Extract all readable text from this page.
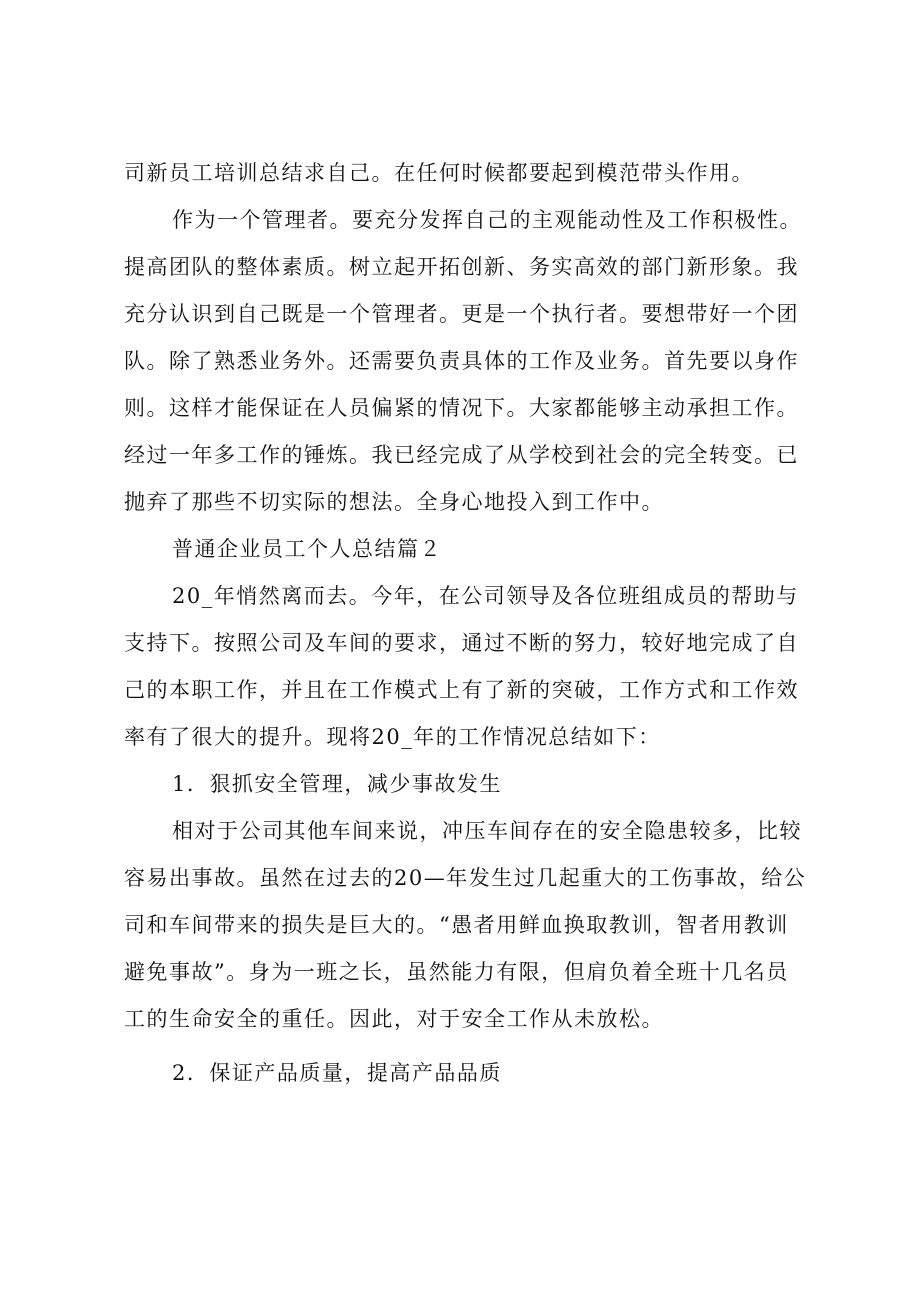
司新员工培训总结求自己。在任何时候都要起到模范带头作用。
作为一个管理者。要充分发挥自己的主观能动性及工作积极性。
提高团队的整体素质。树立起开拓创新、务实高效的部门新形象。我
充分认识到自己既是一个管理者。更是一个执行者。要想带好一个团
队。除了熟悉业务外。还需要负责具体的工作及业务。首先要以身作
则。这样才能保证在人员偏紧的情况下。大家都能够主动承担工作。
经过一年多工作的锤炼。我已经完成了从学校到社会的完全转变。已
抛弃了那些不切实际的想法。全身心地投入到工作中。
普通企业员工个人总结篇２
20_年悄然离而去。今年，在公司领导及各位班组成员的帮助与
支持下。按照公司及车间的要求，通过不断的努力，较好地完成了自
己的本职工作，并且在工作模式上有了新的突破，工作方式和工作效
率有了很大的提升。现将20_年的工作情况总结如下：
1．狠抓安全管理，减少事故发生
相对于公司其他车间来说，冲压车间存在的安全隐患较多，比较
容易出事故。虽然在过去的20—年发生过几起重大的工伤事故，给公
司和车间带来的损失是巨大的。“愚者用鲜血换取教训，智者用教训
避免事故”。身为一班之长，虽然能力有限，但肩负着全班十几名员
工的生命安全的重任。因此，对于安全工作从未放松。
2．保证产品质量，提高产品品质
